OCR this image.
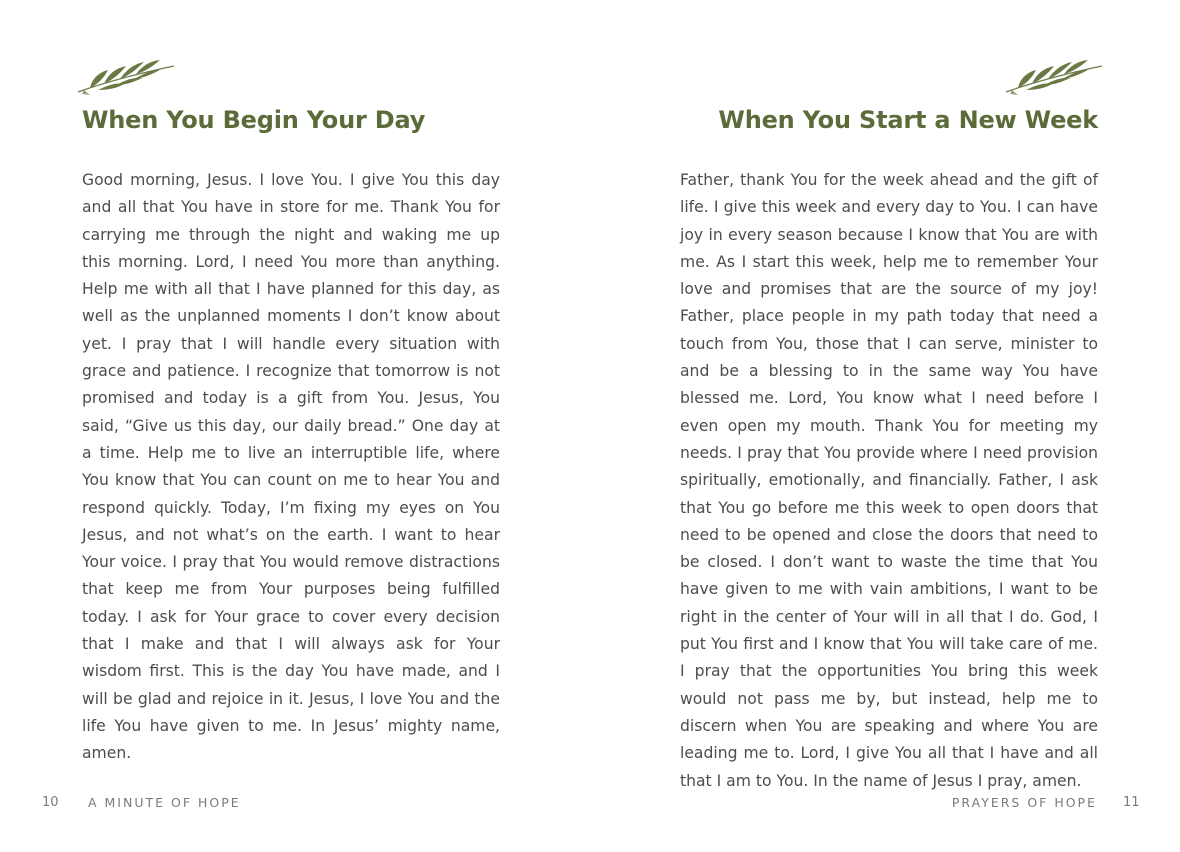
When You Begin Your Day
Good morning, Jesus. I love You. I give You this day and all that You have in store for me. Thank You for carrying me through the night and waking me up this morning. Lord, I need You more than anything. Help me with all that I have planned for this day, as well as the unplanned moments I don’t know about yet. I pray that I will handle every situation with grace and patience. I recognize that tomorrow is not promised and today is a gift from You. Jesus, You said, “Give us this day, our daily bread.” One day at a time. Help me to live an interruptible life, where You know that You can count on me to hear You and respond quickly. Today, I’m fixing my eyes on You Jesus, and not what’s on the earth. I want to hear Your voice. I pray that You would remove distractions that keep me from Your purposes being fulfilled today. I ask for Your grace to cover every decision that I make and that I will always ask for Your wisdom first. This is the day You have made, and I will be glad and rejoice in it. Jesus, I love You and the life You have given to me. In Jesus’ mighty name, amen.
10 A MINUTE OF HOPE
When You Start a New Week
Father, thank You for the week ahead and the gift of life. I give this week and every day to You. I can have joy in every season because I know that You are with me. As I start this week, help me to remember Your love and promises that are the source of my joy! Father, place people in my path today that need a touch from You, those that I can serve, minister to and be a blessing to in the same way You have blessed me. Lord, You know what I need before I even open my mouth. Thank You for meeting my needs. I pray that You provide where I need provision spiritually, emotionally, and financially. Father, I ask that You go before me this week to open doors that need to be opened and close the doors that need to be closed. I don’t want to waste the time that You have given to me with vain ambitions, I want to be right in the center of Your will in all that I do. God, I put You first and I know that You will take care of me. I pray that the opportunities You bring this week would not pass me by, but instead, help me to discern when You are speaking and where You are leading me to. Lord, I give You all that I have and all that I am to You. In the name of Jesus I pray, amen.
PRAYERS OF HOPE 11
